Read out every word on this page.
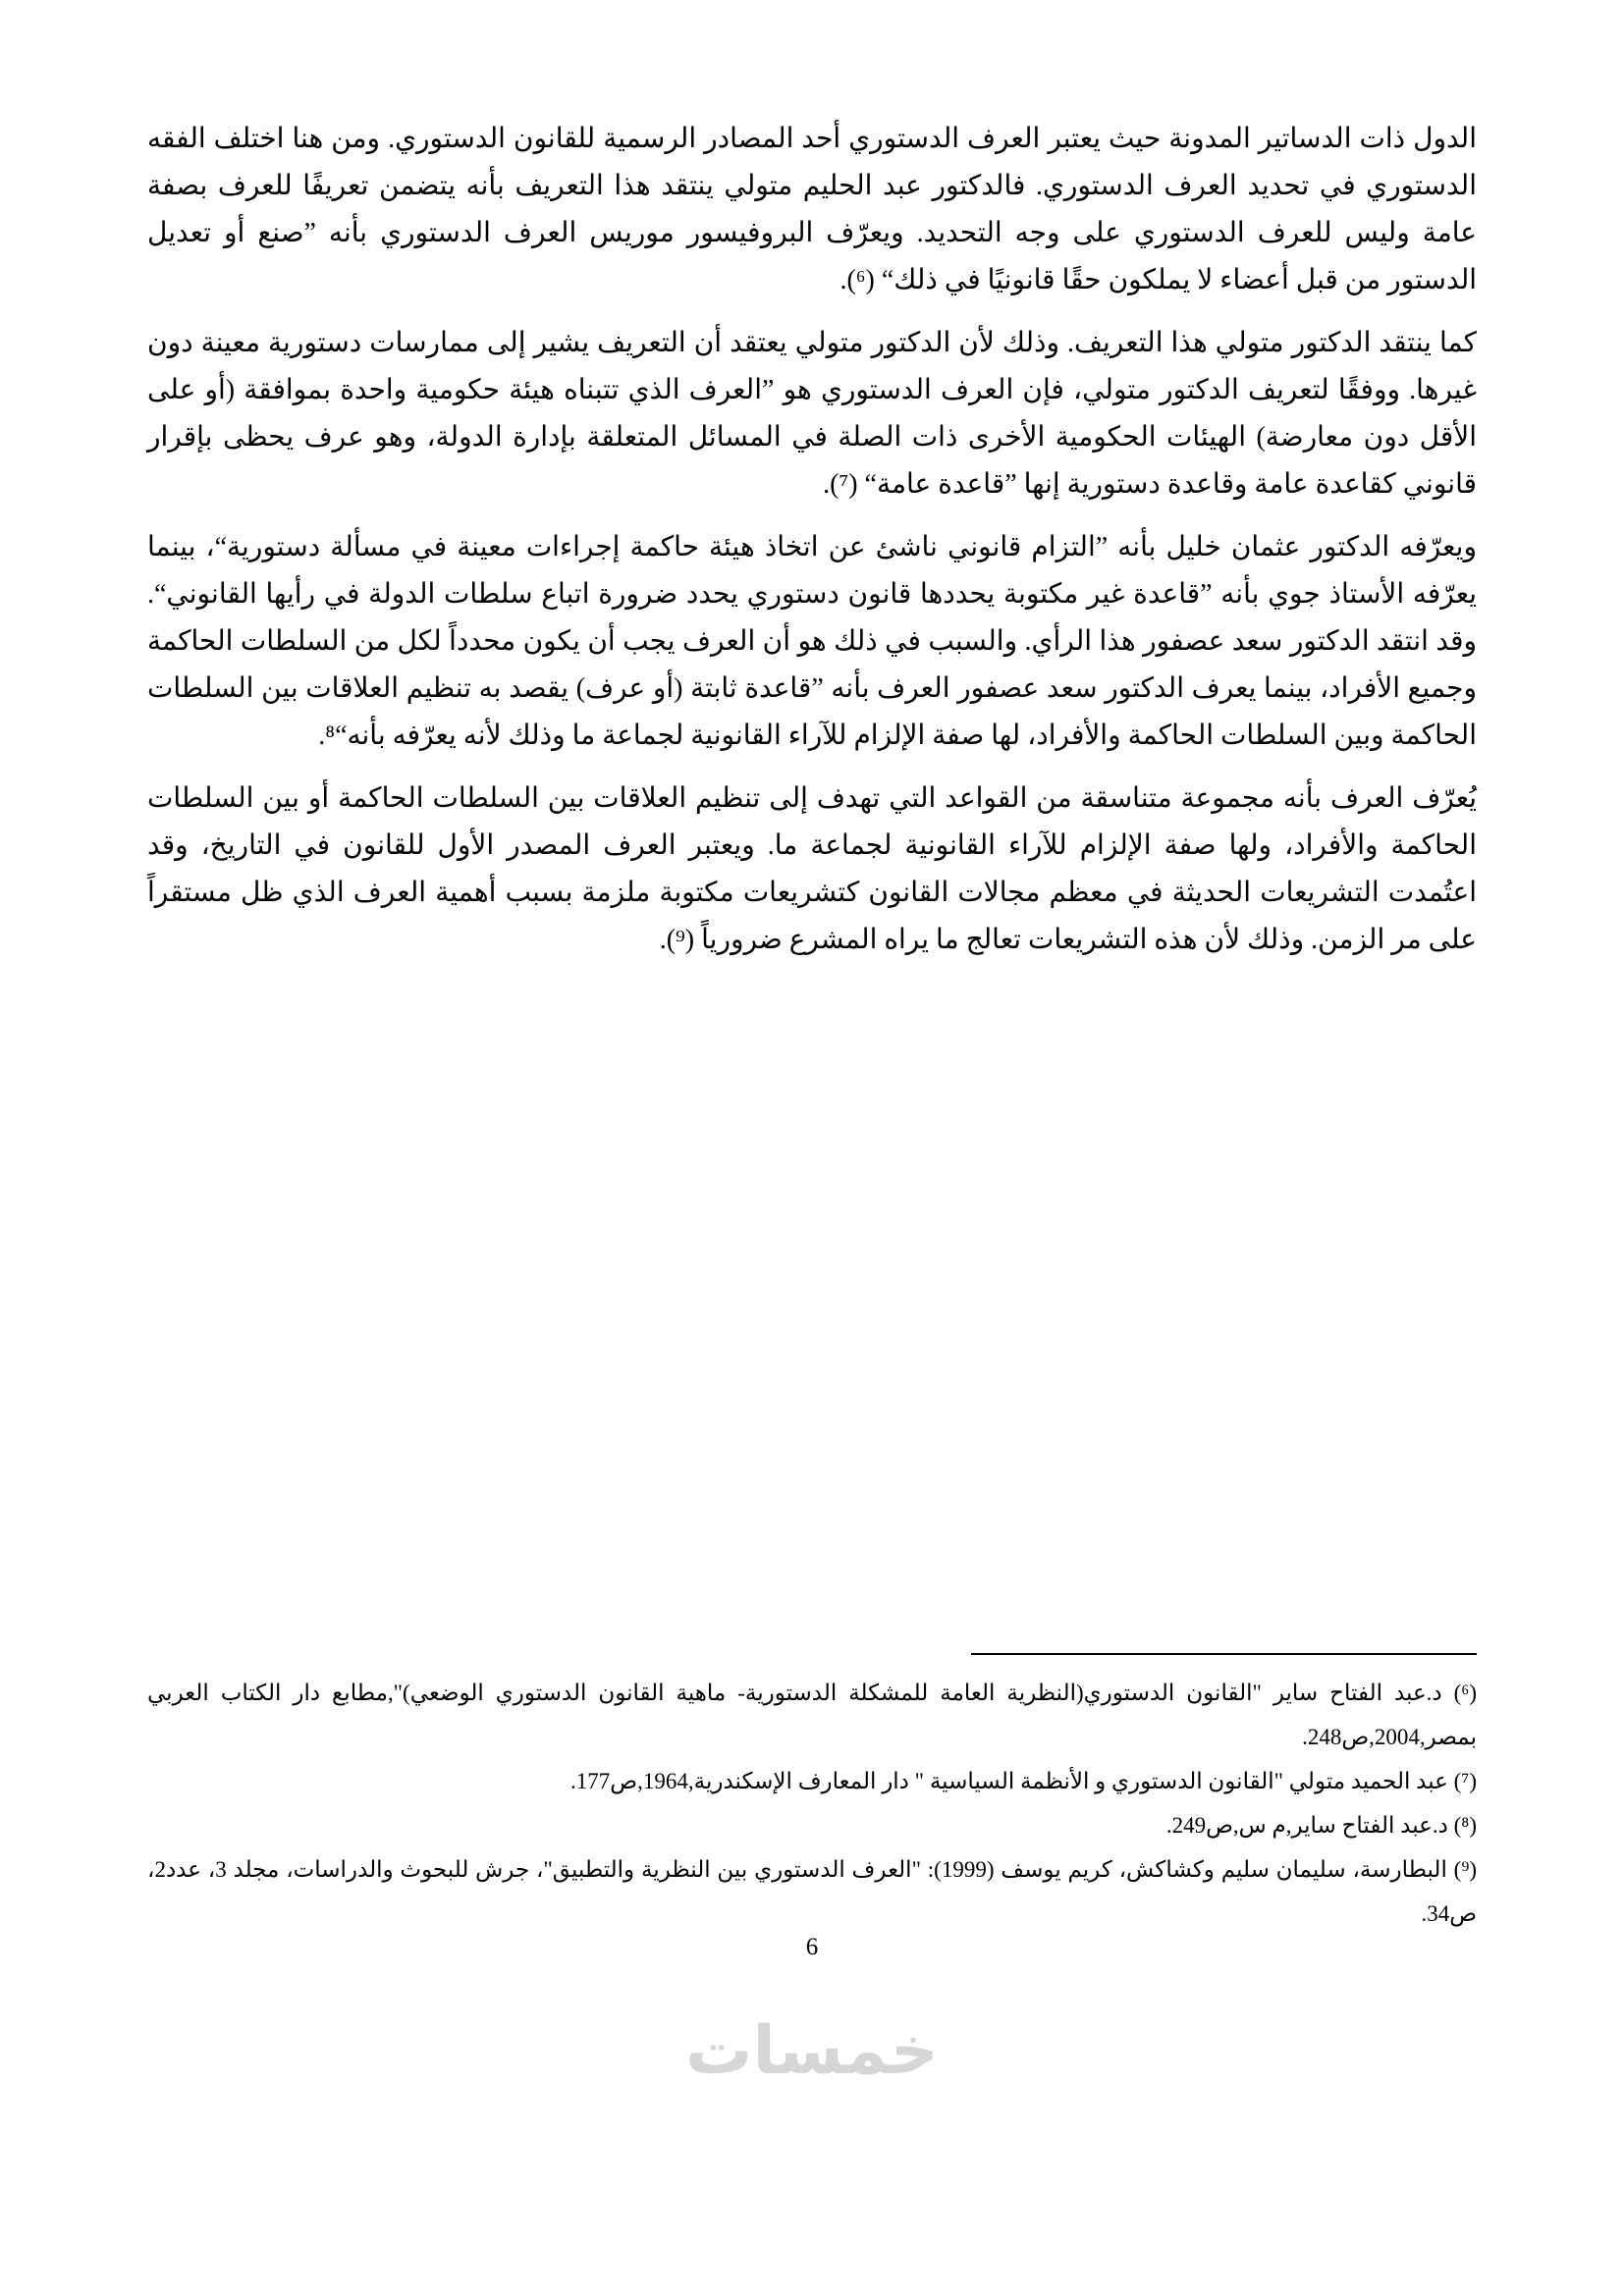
الدول ذات الدساتير المدونة حيث يعتبر العرف الدستوري أحد المصادر الرسمية للقانون الدستوري. ومن هنا اختلف الفقه الدستوري في تحديد العرف الدستوري. فالدكتور عبد الحليم متولي ينتقد هذا التعريف بأنه يتضمن تعريفًا للعرف بصفة عامة وليس للعرف الدستوري على وجه التحديد. ويعرّف البروفيسور موريس العرف الدستوري بأنه ”صنع أو تعديل الدستور من قبل أعضاء لا يملكون حقًا قانونيًا في ذلك“ (⁶).

كما ينتقد الدكتور متولي هذا التعريف. وذلك لأن الدكتور متولي يعتقد أن التعريف يشير إلى ممارسات دستورية معينة دون غيرها. ووفقًا لتعريف الدكتور متولي، فإن العرف الدستوري هو ”العرف الذي تتبناه هيئة حكومية واحدة بموافقة (أو على الأقل دون معارضة) الهيئات الحكومية الأخرى ذات الصلة في المسائل المتعلقة بإدارة الدولة، وهو عرف يحظى بإقرار قانوني كقاعدة عامة وقاعدة دستورية إنها ”قاعدة عامة“ (⁷).

ويعرّفه الدكتور عثمان خليل بأنه ”التزام قانوني ناشئ عن اتخاذ هيئة حاكمة إجراءات معينة في مسألة دستورية“، بينما يعرّفه الأستاذ جوي بأنه ”قاعدة غير مكتوبة يحددها قانون دستوري يحدد ضرورة اتباع سلطات الدولة في رأيها القانوني“. وقد انتقد الدكتور سعد عصفور هذا الرأي. والسبب في ذلك هو أن العرف يجب أن يكون محدداً لكل من السلطات الحاكمة وجميع الأفراد، بينما يعرف الدكتور سعد عصفور العرف بأنه ”قاعدة ثابتة (أو عرف) يقصد به تنظيم العلاقات بين السلطات الحاكمة وبين السلطات الحاكمة والأفراد، لها صفة الإلزام للآراء القانونية لجماعة ما وذلك لأنه يعرّفه بأنه“⁸.

يُعرّف العرف بأنه مجموعة متناسقة من القواعد التي تهدف إلى تنظيم العلاقات بين السلطات الحاكمة أو بين السلطات الحاكمة والأفراد، ولها صفة الإلزام للآراء القانونية لجماعة ما. ويعتبر العرف المصدر الأول للقانون في التاريخ، وقد اعتُمدت التشريعات الحديثة في معظم مجالات القانون كتشريعات مكتوبة ملزمة بسبب أهمية العرف الذي ظل مستقراً على مر الزمن. وذلك لأن هذه التشريعات تعالج ما يراه المشرع ضرورياً (⁹).

(⁶) د.عبد الفتاح ساير "القانون الدستوري(النظرية العامة للمشكلة الدستورية- ماهية القانون الدستوري الوضعي)",مطابع دار الكتاب العربي بمصر,2004,ص248.

(⁷) عبد الحميد متولي "القانون الدستوري و الأنظمة السياسية " دار المعارف الإسكندرية,1964,ص177.

(⁸) د.عبد الفتاح ساير,م س,ص249.

(⁹) البطارسة، سليمان سليم وكشاكش، كريم يوسف (1999): "العرف الدستوري بين النظرية والتطبيق"، جرش للبحوث والدراسات، مجلد 3، عدد2، ص34.

6
خمسات
